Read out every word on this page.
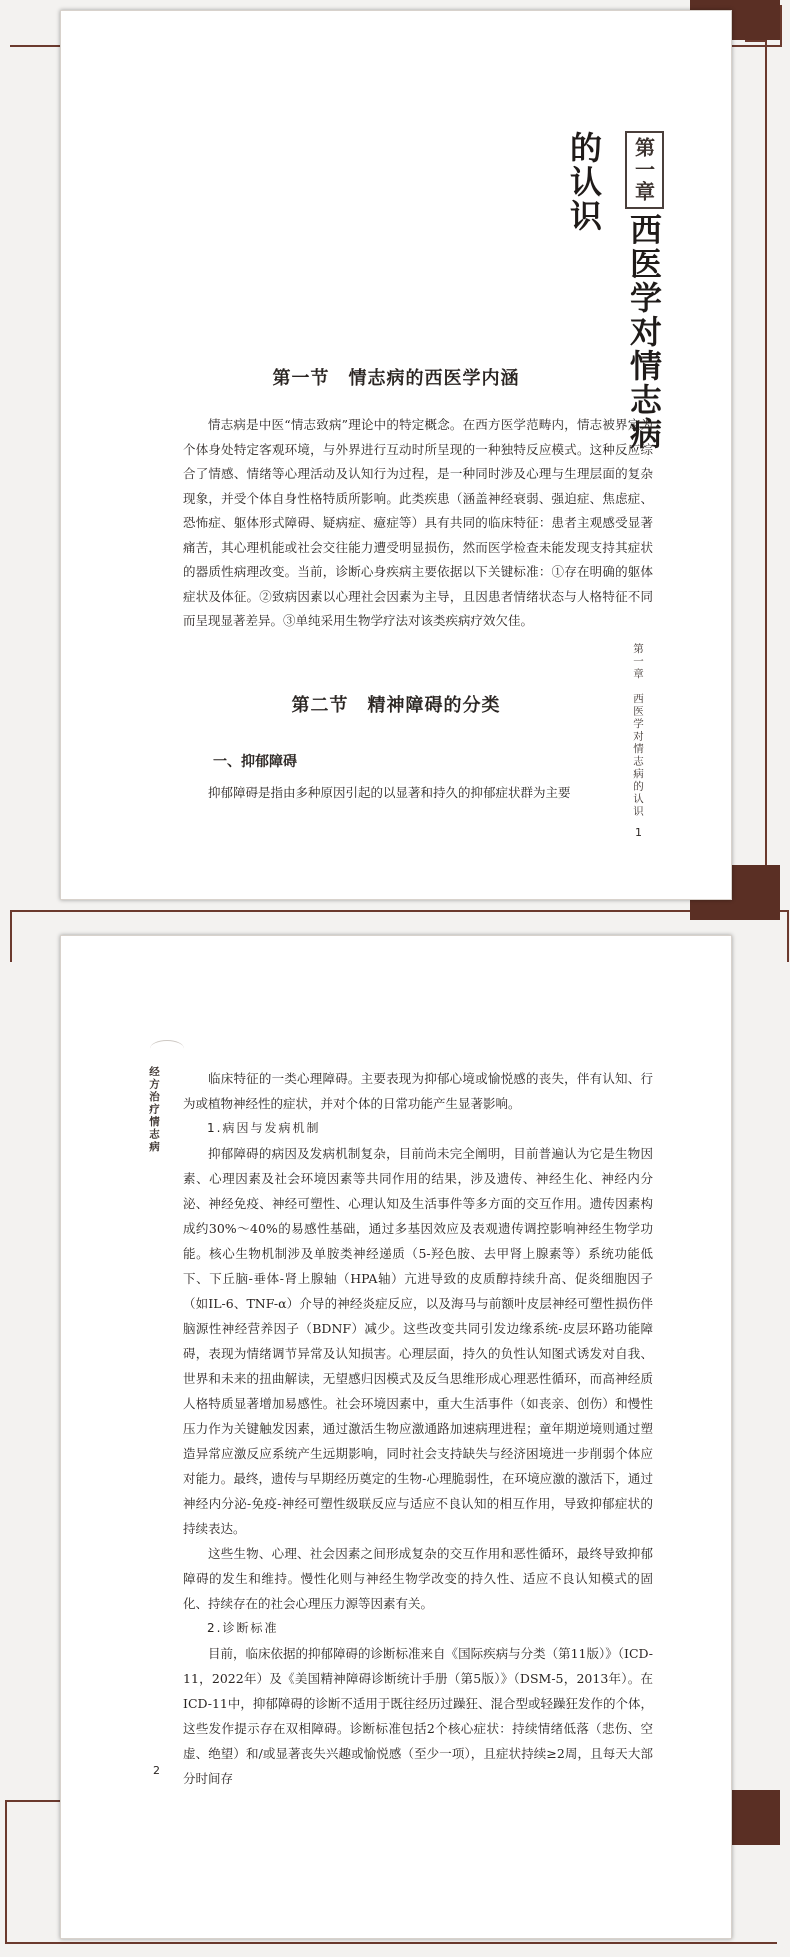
第一章
西医学对情志病
的认识
第一节　情志病的西医学内涵

情志病是中医“情志致病”理论中的特定概念。在西方医学范畴内，情志被界定为个体身处特定客观环境，与外界进行互动时所呈现的一种独特反应模式。这种反应综合了情感、情绪等心理活动及认知行为过程，是一种同时涉及心理与生理层面的复杂现象，并受个体自身性格特质所影响。此类疾患（涵盖神经衰弱、强迫症、焦虑症、恐怖症、躯体形式障碍、疑病症、癔症等）具有共同的临床特征：患者主观感受显著痛苦，其心理机能或社会交往能力遭受明显损伤，然而医学检查未能发现支持其症状的器质性病理改变。当前，诊断心身疾病主要依据以下关键标准：①存在明确的躯体症状及体征。②致病因素以心理社会因素为主导，且因患者情绪状态与人格特征不同而呈现显著差异。③单纯采用生物学疗法对该类疾病疗效欠佳。

第二节　精神障碍的分类
一、抑郁障碍

抑郁障碍是指由多种原因引起的以显著和持久的抑郁症状群为主要	第一章　西医学对情志病的认识
1
经方治疗情志病	临床特征的一类心理障碍。主要表现为抑郁心境或愉悦感的丧失，伴有认知、行为或植物神经性的症状，并对个体的日常功能产生显著影响。

1.病因与发病机制

抑郁障碍的病因及发病机制复杂，目前尚未完全阐明，目前普遍认为它是生物因素、心理因素及社会环境因素等共同作用的结果，涉及遗传、神经生化、神经内分泌、神经免疫、神经可塑性、心理认知及生活事件等多方面的交互作用。遗传因素构成约30%～40%的易感性基础，通过多基因效应及表观遗传调控影响神经生物学功能。核心生物机制涉及单胺类神经递质（5-羟色胺、去甲肾上腺素等）系统功能低下、下丘脑-垂体-肾上腺轴（HPA轴）亢进导致的皮质醇持续升高、促炎细胞因子（如IL-6、TNF-α）介导的神经炎症反应，以及海马与前额叶皮层神经可塑性损伤伴脑源性神经营养因子（BDNF）减少。这些改变共同引发边缘系统-皮层环路功能障碍，表现为情绪调节异常及认知损害。心理层面，持久的负性认知图式诱发对自我、世界和未来的扭曲解读，无望感归因模式及反刍思维形成心理恶性循环，而高神经质人格特质显著增加易感性。社会环境因素中，重大生活事件（如丧亲、创伤）和慢性压力作为关键触发因素，通过激活生物应激通路加速病理进程；童年期逆境则通过塑造异常应激反应系统产生远期影响，同时社会支持缺失与经济困境进一步削弱个体应对能力。最终，遗传与早期经历奠定的生物-心理脆弱性，在环境应激的激活下，通过神经内分泌-免疫-神经可塑性级联反应与适应不良认知的相互作用，导致抑郁症状的持续表达。

这些生物、心理、社会因素之间形成复杂的交互作用和恶性循环，最终导致抑郁障碍的发生和维持。慢性化则与神经生物学改变的持久性、适应不良认知模式的固化、持续存在的社会心理压力源等因素有关。

2.诊断标准

目前，临床依据的抑郁障碍的诊断标准来自《国际疾病与分类（第11版）》（ICD-11，2022年）及《美国精神障碍诊断统计手册（第5版）》（DSM-5，2013年）。在ICD-11中，抑郁障碍的诊断不适用于既往经历过躁狂、混合型或轻躁狂发作的个体，这些发作提示存在双相障碍。诊断标准包括2个核心症状：持续情绪低落（悲伤、空虚、绝望）和/或显著丧失兴趣或愉悦感（至少一项），且症状持续≥2周，且每天大部分时间存

2
